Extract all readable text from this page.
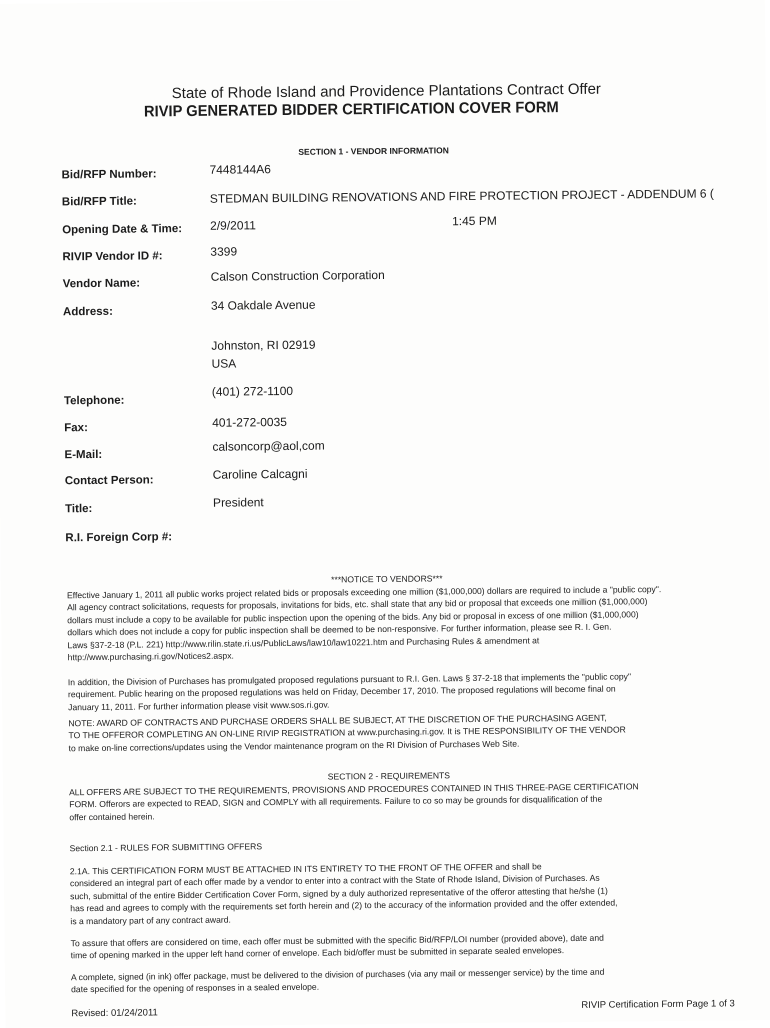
State of Rhode Island and Providence Plantations Contract Offer
RIVIP GENERATED BIDDER CERTIFICATION COVER FORM
SECTION 1 - VENDOR INFORMATION
Bid/RFP Number:	7448144A6
Bid/RFP Title:	STEDMAN BUILDING RENOVATIONS AND FIRE PROTECTION PROJECT - ADDENDUM 6 (
Opening Date & Time: 2/9/2011	1:45 PM
RIVIP Vendor ID #:	3399
Vendor Name:
Calson Construction Corporation
Address:	34 Oakdale Avenue
Johnston, RI 02919
USA
Telephone:
(401) 272-1100
Fax:	401-272-0035
E-Mail:
calsoncorp@aol,com
Contact Person:	Caroline Calcagni
Title:	President
R.I. Foreign Corp #:
***NOTICE TO VENDORS***
Effective January 1, 2011 all public works project related bids or proposals exceeding one million ($1,000,000) dollars are required to include a "public copy".
All agency contract solicitations, requests for proposals, invitations for bids, etc. shall state that any bid or proposal that exceeds one million ($1,000,000)
dollars must include a copy to be available for public inspection upon the opening of the bids. Any bid or proposal in excess of one million ($1,000,000)
dollars which does not include a copy for public inspection shall be deemed to be non-responsive. For further information, please see R. I. Gen.
Laws §37-2-18 (P.L. 221) http://www.rilin.state.ri.us/PublicLaws/law10/law10221.htm and Purchasing Rules & amendment at
http://www.purchasing.ri.gov/Notices2.aspx.
In addition, the Division of Purchases has promulgated proposed regulations pursuant to R.I. Gen. Laws § 37-2-18 that implements the "public copy"
requirement. Public hearing on the proposed regulations was held on Friday, December 17, 2010. The proposed regulations will become final on
January 11, 2011. For further information please visit www.sos.ri.gov.
NOTE: AWARD OF CONTRACTS AND PURCHASE ORDERS SHALL BE SUBJECT, AT THE DISCRETION OF THE PURCHASING AGENT,
TO THE OFFEROR COMPLETING AN ON-LINE RIVIP REGISTRATION at www.purchasing.ri.gov. It is THE RESPONSIBILITY OF THE VENDOR
to make on-line corrections/updates using the Vendor maintenance program on the RI Division of Purchases Web Site.
SECTION 2 - REQUIREMENTS
ALL OFFERS ARE SUBJECT TO THE REQUIREMENTS, PROVISIONS AND PROCEDURES CONTAINED IN THIS THREE-PAGE CERTIFICATION
FORM. Offerors are expected to READ, SIGN and COMPLY with all requirements. Failure to co so may be grounds for disqualification of the
offer contained herein.
Section 2.1 - RULES FOR SUBMITTING OFFERS
2.1A. This CERTIFICATION FORM MUST BE ATTACHED IN ITS ENTIRETY TO THE FRONT OF THE OFFER and shall be
considered an integral part of each offer made by a vendor to enter into a contract with the State of Rhode Island, Division of Purchases. As
such, submittal of the entire Bidder Certification Cover Form, signed by a duly authorized representative of the offeror attesting that he/she (1)
has read and agrees to comply with the requirements set forth herein and (2) to the accuracy of the information provided and the offer extended,
is a mandatory part of any contract award.
To assure that offers are considered on time, each offer must be submitted with the specific Bid/RFP/LOI number (provided above), date and
time of opening marked in the upper left hand corner of envelope. Each bid/offer must be submitted in separate sealed envelopes.
A complete, signed (in ink) offer package, must be delivered to the division of purchases (via any mail or messenger service) by the time and
date specified for the opening of responses in a sealed envelope.
Revised: 01/24/2011
RIVIP Certification Form Page 1 of 3
